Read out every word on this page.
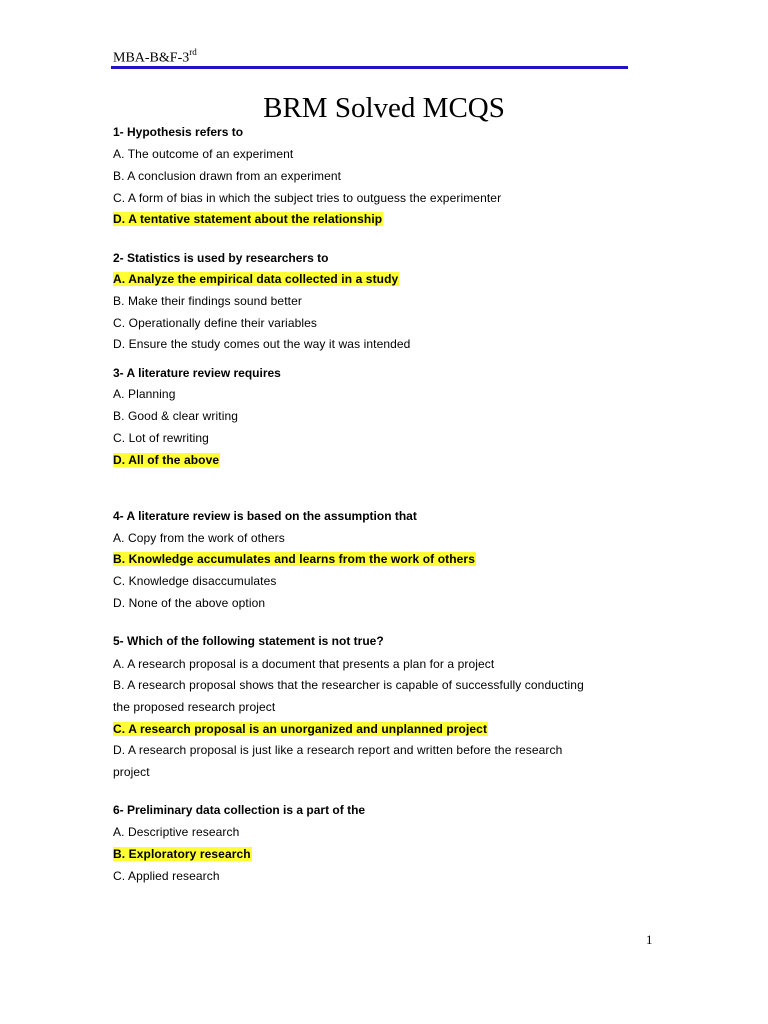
MBA-B&F-3rd
BRM Solved MCQS
1- Hypothesis refers to
A. The outcome of an experiment
B. A conclusion drawn from an experiment
C. A form of bias in which the subject tries to outguess the experimenter
D. A tentative statement about the relationship
2- Statistics is used by researchers to
A. Analyze the empirical data collected in a study
B. Make their findings sound better
C. Operationally define their variables
D. Ensure the study comes out the way it was intended
3- A literature review requires
A. Planning
B. Good & clear writing
C. Lot of rewriting
D. All of the above
4- A literature review is based on the assumption that
A. Copy from the work of others
B. Knowledge accumulates and learns from the work of others
C. Knowledge disaccumulates
D. None of the above option
5- Which of the following statement is not true?
A. A research proposal is a document that presents a plan for a project
B. A research proposal shows that the researcher is capable of successfully conducting
the proposed research project
C. A research proposal is an unorganized and unplanned project
D. A research proposal is just like a research report and written before the research
project
6- Preliminary data collection is a part of the
A. Descriptive research
B. Exploratory research
C. Applied research
1
